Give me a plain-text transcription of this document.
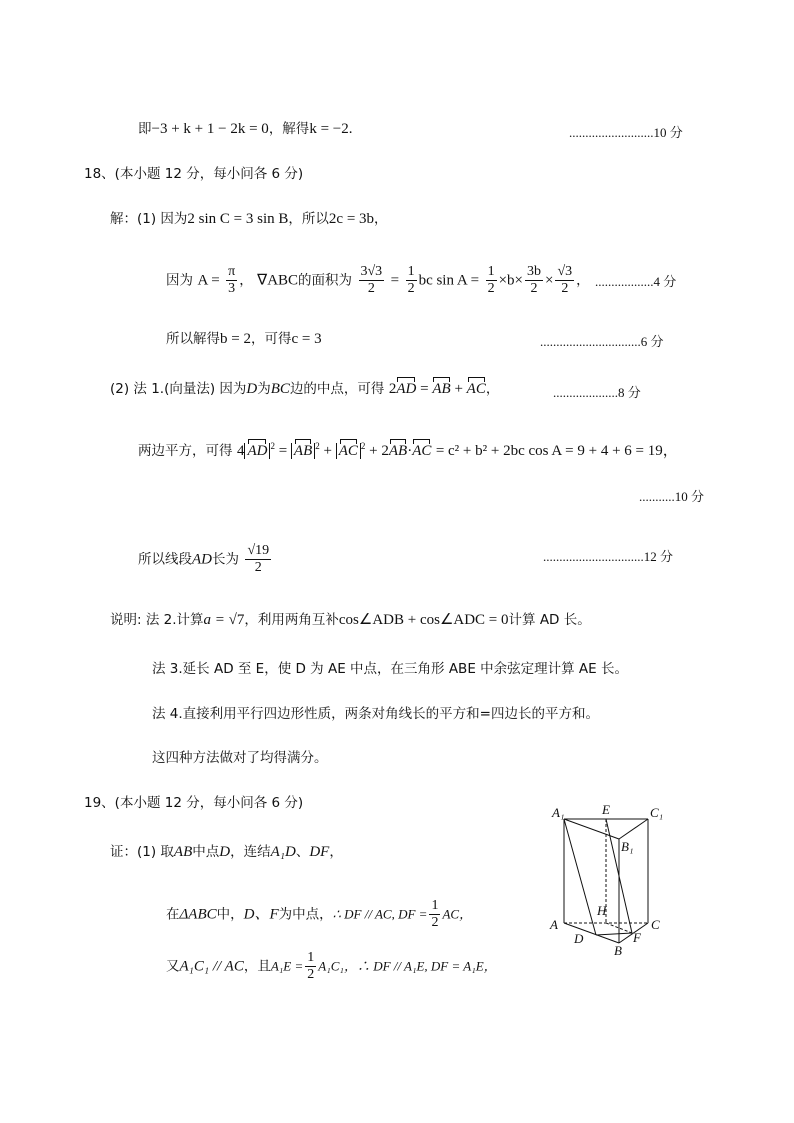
即−3 + k + 1 − 2k = 0，解得k = −2.	..........................10 分
18、(本小题 12 分，每小问各 6 分)
解：(1) 因为2 sin C = 3 sin B，所以2c = 3b，
因为 $A = \frac{\pi}{3}$ ， ∇ABC的面积为 $\frac{3√3}{2} = \frac{1}{2}$ bc $\sin A = \frac{1}{2} \times b\times \frac{3b}{2} \times \frac{√3}{2}$ ， ..................4 分
所以解得b = 2，可得c = 3	...............................6 分
(2) 法 1.(向量法) 因为D为BC边的中点，可得 2AD = AB + AC，	....................8 分
两边平方，可得 4 AD $^2$ = AB $^2$ + AC $^2$ + 2AB·AC = c² + b² + 2bc cos A = 9 + 4 + 6 = 19，
...........10 分
所以线段AD长为 $\frac{√19}{2}$	...............................12 分
说明: 法 2.计算a = √7，利用两角互补cos∠ADB + cos∠ADC = 0计算 AD 长。
法 3.延长 AD 至 E，使 D 为 AE 中点，在三角形 ABE 中余弦定理计算 AE 长。
法 4.直接利用平行四边形性质，两条对角线长的平方和=四边长的平方和。
这四种方法做对了均得满分。
19、(本小题 12 分，每小问各 6 分)
证：(1) 取AB中点D，连结A₁D、DF，
在ΔABC中，D、F为中点，∴ DF // AC, DF = $\frac{1}{2}$ AC，
又A₁C₁ // AC，且$A_1E = \frac{1}{2} A_1C_1$，∴ DF // A₁E, DF = A₁E，
A₁	E	C₁
B₁
H
A
D	F
C
B
